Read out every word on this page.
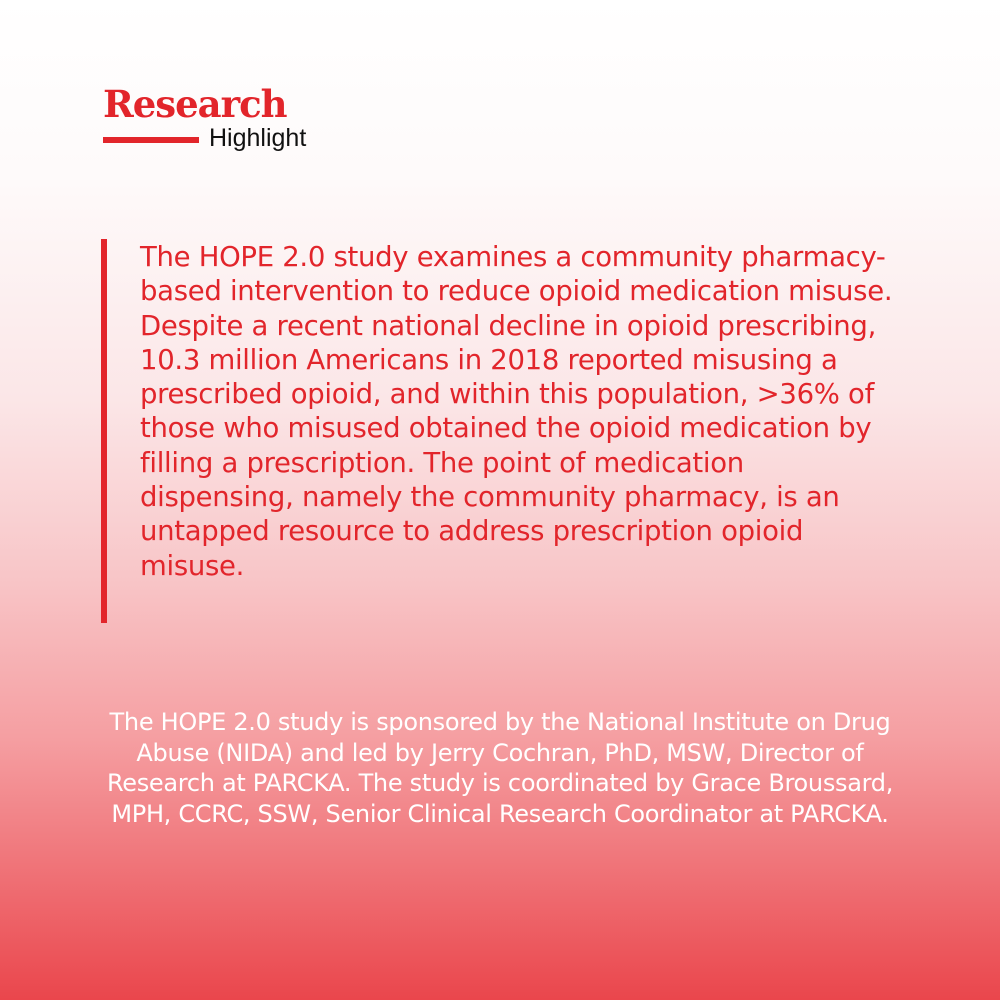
Research
Highlight

The HOPE 2.0 study examines a community pharmacy-based intervention to reduce opioid medication misuse. Despite a recent national decline in opioid prescribing, 10.3 million Americans in 2018 reported misusing a prescribed opioid, and within this population, >36% of those who misused obtained the opioid medication by filling a prescription. The point of medication dispensing, namely the community pharmacy, is an untapped resource to address prescription opioid misuse.

The HOPE 2.0 study is sponsored by the National Institute on Drug Abuse (NIDA) and led by Jerry Cochran, PhD, MSW, Director of Research at PARCKA. The study is coordinated by Grace Broussard, MPH, CCRC, SSW, Senior Clinical Research Coordinator at PARCKA.
